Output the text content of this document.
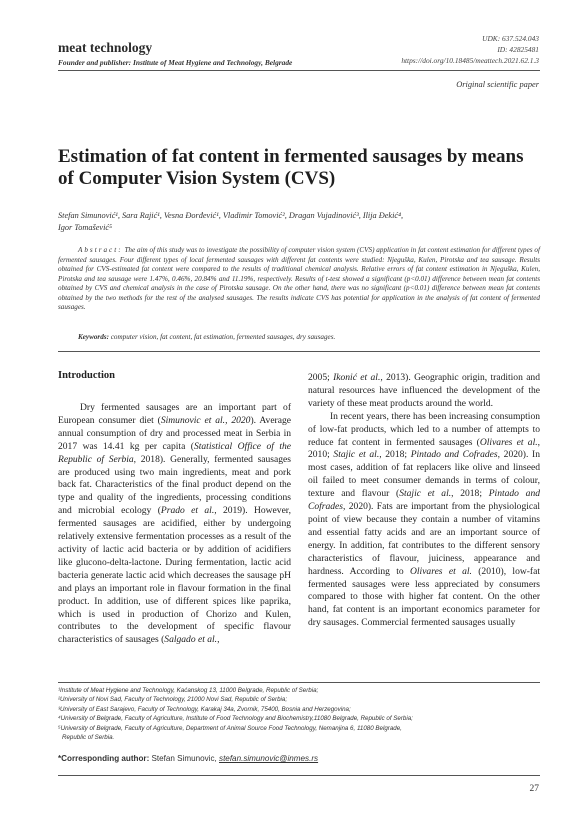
meat technology
Founder and publisher: Institute of Meat Hygiene and Technology, Belgrade
UDK: 637.524.043
ID: 42825481
https://doi.org/10.18485/meattech.2021.62.1.3
Original scientific paper
Estimation of fat content in fermented sausages by means of Computer Vision System (CVS)
Stefan Simunović¹, Sara Rajić¹, Vesna Đorđević¹, Vladimir Tomović², Dragan Vujadinović³, Ilija Đekić⁴,
Igor Tomašević⁵
Abstract: The aim of this study was to investigate the possibility of computer vision system (CVS) application in fat content estimation for different types of fermented sausages. Four different types of local fermented sausages with different fat contents were studied: Njeguška, Kulen, Pirotska and tea sausage. Results obtained for CVS-estimated fat content were compared to the results of traditional chemical analysis. Relative errors of fat content estimation in Njeguška, Kulen, Pirotska and tea sausage were 1.47%, 0.46%, 20.84% and 11.19%, respectively. Results of t-test showed a significant (p<0.01) difference between mean fat contents obtained by CVS and chemical analysis in the case of Pirotska sausage. On the other hand, there was no significant (p<0.01) difference between mean fat contents obtained by the two methods for the rest of the analysed sausages. The results indicate CVS has potential for application in the analysis of fat content of fermented sausages.
Keywords: computer vision, fat content, fat estimation, fermented sausages, dry sausages.
Introduction

Dry fermented sausages are an important part of European consumer diet (Simunovic et al., 2020). Average annual consumption of dry and processed meat in Serbia in 2017 was 14.41 kg per capita (Statistical Office of the Republic of Serbia, 2018). Generally, fermented sausages are produced using two main ingredients, meat and pork back fat. Characteristics of the final product depend on the type and quality of the ingredients, processing conditions and microbial ecology (Prado et al., 2019). However, fermented sausages are acidified, either by undergoing relatively extensive fermentation processes as a result of the activity of lactic acid bacteria or by addition of acidifiers like glucono-delta-lactone. During fermentation, lactic acid bacteria generate lactic acid which decreases the sausage pH and plays an important role in flavour formation in the final product. In addition, use of different spices like paprika, which is used in production of Chorizo and Kulen, contributes to the development of specific flavour characteristics of sausages (Salgado et al.,

2005; Ikonić et al., 2013). Geographic origin, tradition and natural resources have influenced the development of the variety of these meat products around the world.

In recent years, there has been increasing consumption of low-fat products, which led to a number of attempts to reduce fat content in fermented sausages (Olivares et al., 2010; Stajic et al., 2018; Pintado and Cofrades, 2020). In most cases, addition of fat replacers like olive and linseed oil failed to meet consumer demands in terms of colour, texture and flavour (Stajic et al., 2018; Pintado and Cofrades, 2020). Fats are important from the physiological point of view because they contain a number of vitamins and essential fatty acids and are an important source of energy. In addition, fat contributes to the different sensory characteristics of flavour, juiciness, appearance and hardness. According to Olivares et al. (2010), low-fat fermented sausages were less appreciated by consumers compared to those with higher fat content. On the other hand, fat content is an important economics parameter for dry sausages. Commercial fermented sausages usually

¹Institute of Meat Hygiene and Technology, Kaćanskog 13, 11000 Belgrade, Republic of Serbia;
²University of Novi Sad, Faculty of Technology, 21000 Novi Sad, Republic of Serbia;
³University of East Sarajevo, Faculty of Technology, Karakaj 34a, Zvornik, 75400, Bosnia and Herzegovina;
⁴University of Belgrade, Faculty of Agriculture, Institute of Food Technology and Biochemistry,11080 Belgrade, Republic of Serbia;
⁵University of Belgrade, Faculty of Agriculture, Department of Animal Source Food Technology, Nemanjina 6, 11080 Belgrade,
Republic of Serbia.
*Corresponding author: Stefan Simunovic, stefan.simunovic@inmes.rs
27
